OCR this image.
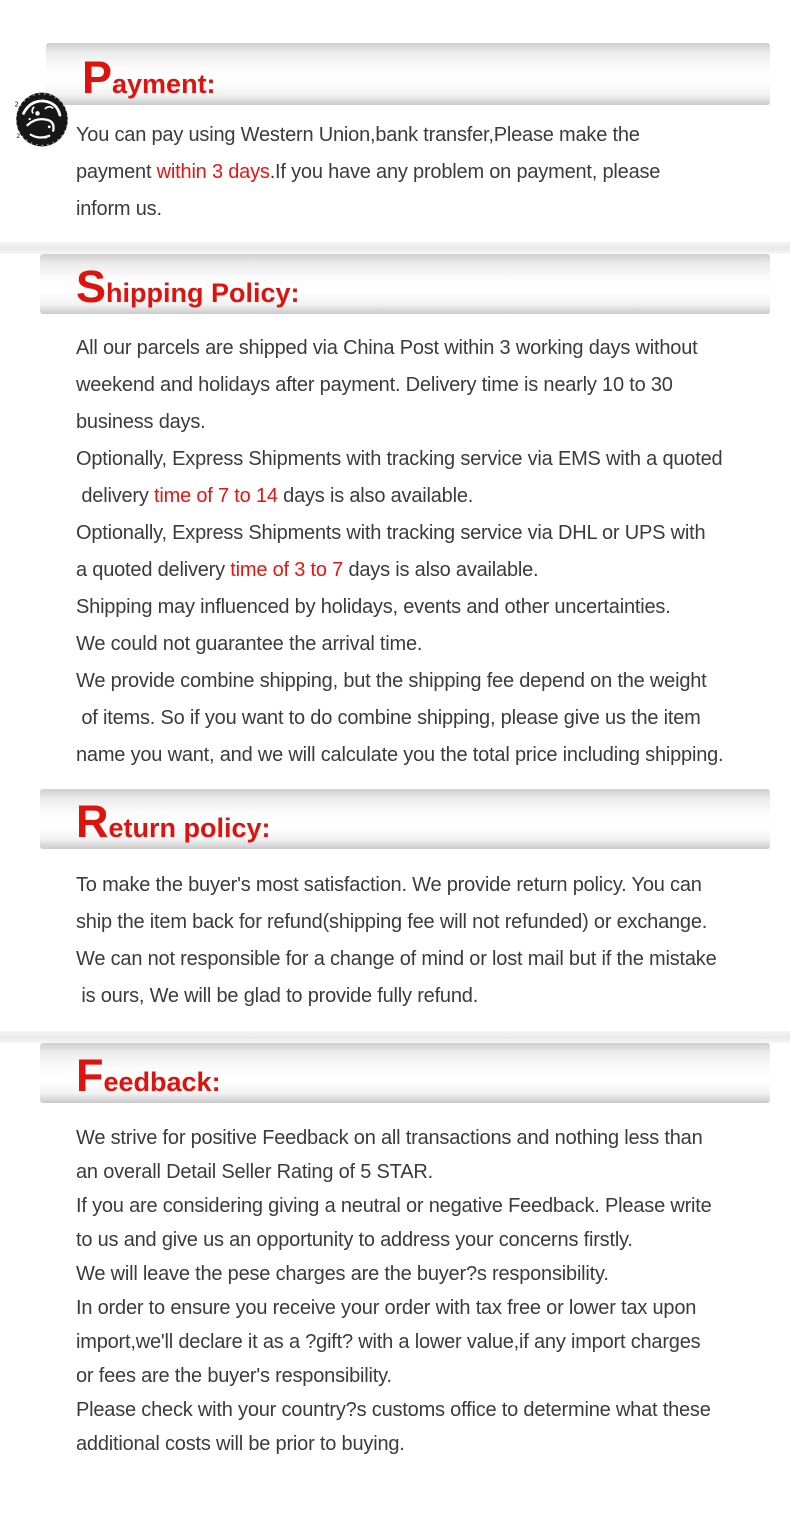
2
2
Payment:
You can pay using Western Union,bank transfer,Please make the
payment within 3 days.If you have any problem on payment, please
inform us.
Shipping Policy:
All our parcels are shipped via China Post within 3 working days without
weekend and holidays after payment. Delivery time is nearly 10 to 30
business days.
Optionally, Express Shipments with tracking service via EMS with a quoted
delivery time of 7 to 14 days is also available.
Optionally, Express Shipments with tracking service via DHL or UPS with
a quoted delivery time of 3 to 7 days is also available.
Shipping may influenced by holidays, events and other uncertainties.
We could not guarantee the arrival time.
We provide combine shipping, but the shipping fee depend on the weight
of items. So if you want to do combine shipping, please give us the item
name you want, and we will calculate you the total price including shipping.
Return policy:
To make the buyer's most satisfaction. We provide return policy. You can
ship the item back for refund(shipping fee will not refunded) or exchange.
We can not responsible for a change of mind or lost mail but if the mistake
is ours, We will be glad to provide fully refund.
Feedback:
We strive for positive Feedback on all transactions and nothing less than
an overall Detail Seller Rating of 5 STAR.
If you are considering giving a neutral or negative Feedback. Please write
to us and give us an opportunity to address your concerns firstly.
We will leave the pese charges are the buyer?s responsibility.
In order to ensure you receive your order with tax free or lower tax upon
import,we'll declare it as a ?gift? with a lower value,if any import charges
or fees are the buyer's responsibility.
Please check with your country?s customs office to determine what these
additional costs will be prior to buying.
